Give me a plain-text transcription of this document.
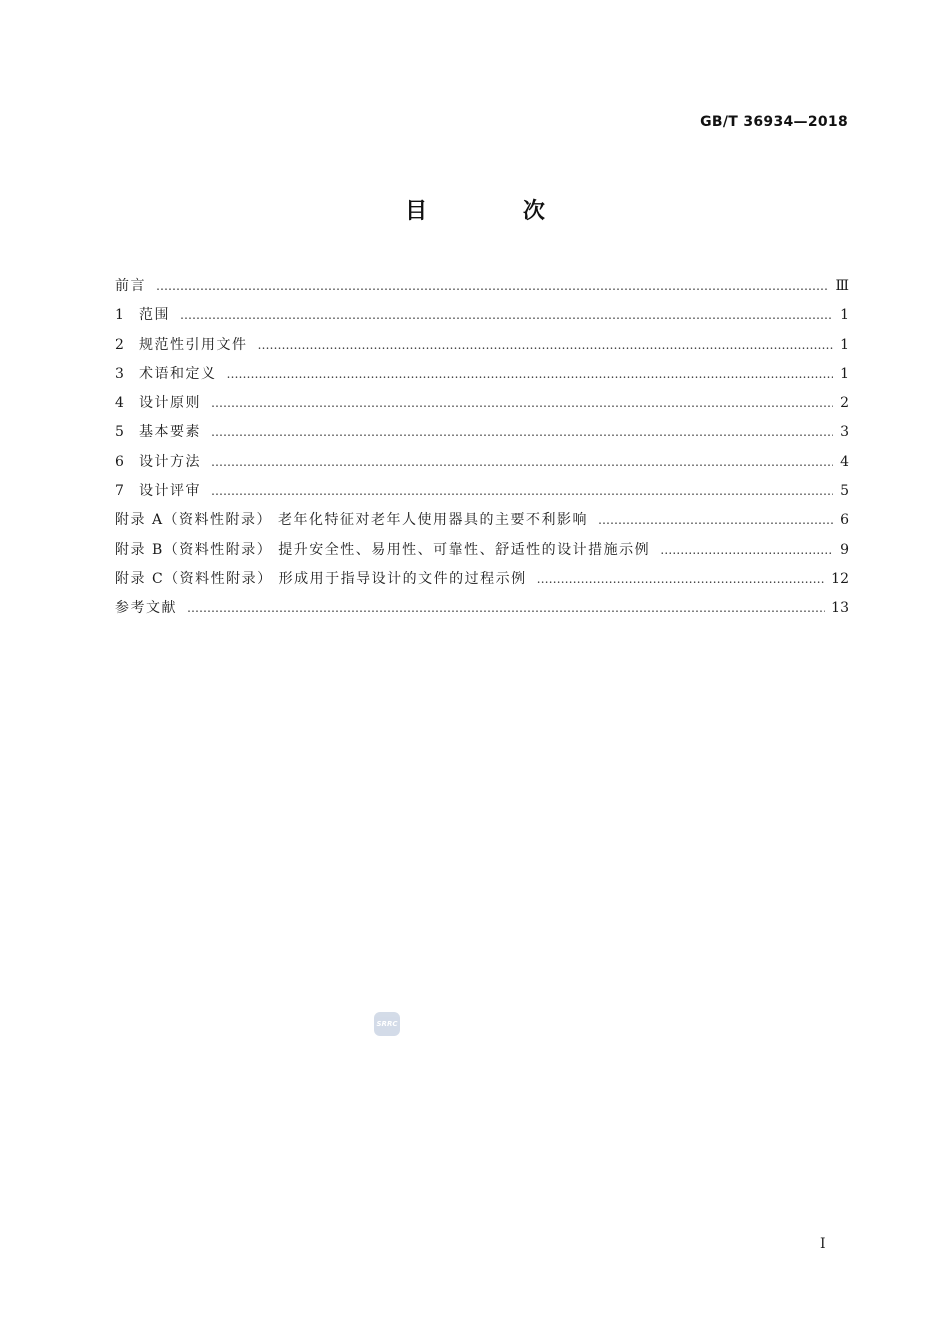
GB/T 36934—2018
目 次
前言 …………………………………………………………………………………………………………………………………………………………………………………………………………………………	Ⅲ
1	范围 …………………………………………………………………………………………………………………………………………………………………………………………………………………………	1
2	规范性引用文件 …………………………………………………………………………………………………………………………………………………………………………………………………………………………	1
3	术语和定义 …………………………………………………………………………………………………………………………………………………………………………………………………………………………	1
4	设计原则 …………………………………………………………………………………………………………………………………………………………………………………………………………………………	2
5	基本要素 …………………………………………………………………………………………………………………………………………………………………………………………………………………………	3
6	设计方法 …………………………………………………………………………………………………………………………………………………………………………………………………………………………	4
7	设计评审 …………………………………………………………………………………………………………………………………………………………………………………………………………………………	5
附录 A（资料性附录） 老年化特征对老年人使用器具的主要不利影响 …………………………………………………………………………………………………………………………………………………………………………………………………………………………	6
附录 B（资料性附录） 提升安全性、易用性、可靠性、舒适性的设计措施示例 …………………………………………………………………………………………………………………………………………………………………………………………………………………………	9
附录 C（资料性附录） 形成用于指导设计的文件的过程示例 …………………………………………………………………………………………………………………………………………………………………………………………………………………………	12
参考文献 …………………………………………………………………………………………………………………………………………………………………………………………………………………………	13
SRRC
Ⅰ
